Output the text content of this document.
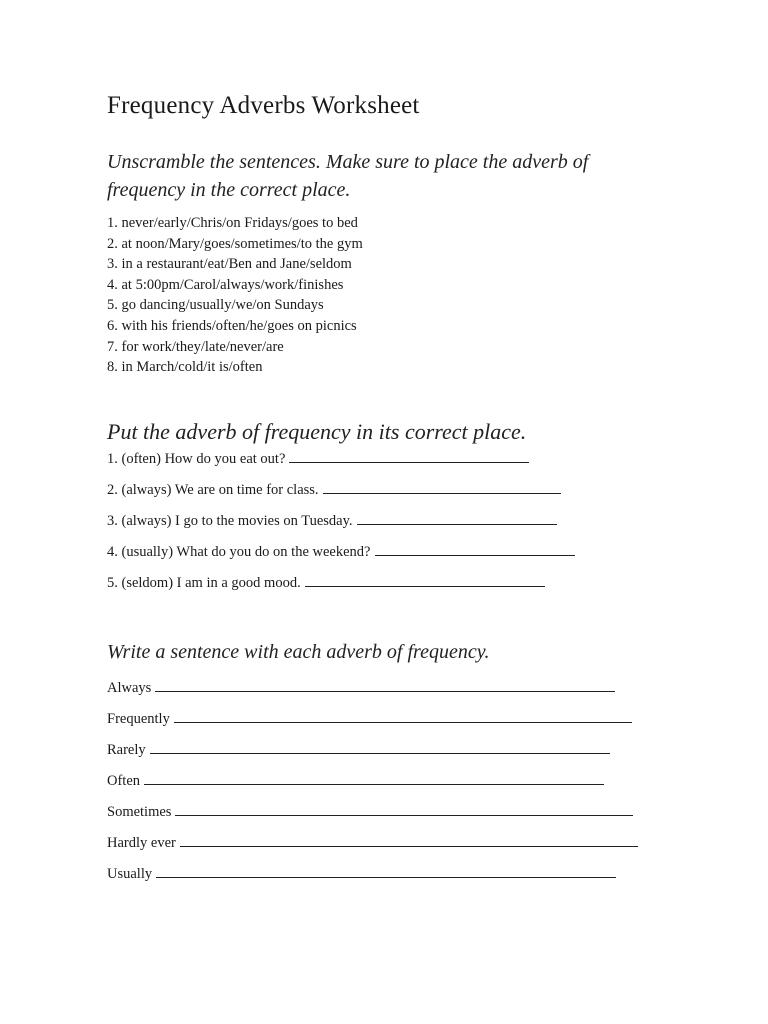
Frequency Adverbs Worksheet

Unscramble the sentences. Make sure to place the adverb of frequency in the correct place.

1. never/early/Chris/on Fridays/goes to bed
2. at noon/Mary/goes/sometimes/to the gym
3. in a restaurant/eat/Ben and Jane/seldom
4. at 5:00pm/Carol/always/work/finishes
5. go dancing/usually/we/on Sundays
6. with his friends/often/he/goes on picnics
7. for work/they/late/never/are
8. in March/cold/it is/often

Put the adverb of frequency in its correct place.

1. (often) How do you eat out?
2. (always) We are on time for class.
3. (always) I go to the movies on Tuesday.
4. (usually) What do you do on the weekend?
5. (seldom) I am in a good mood.

Write a sentence with each adverb of frequency.

Always
Frequently
Rarely
Often
Sometimes
Hardly ever
Usually
